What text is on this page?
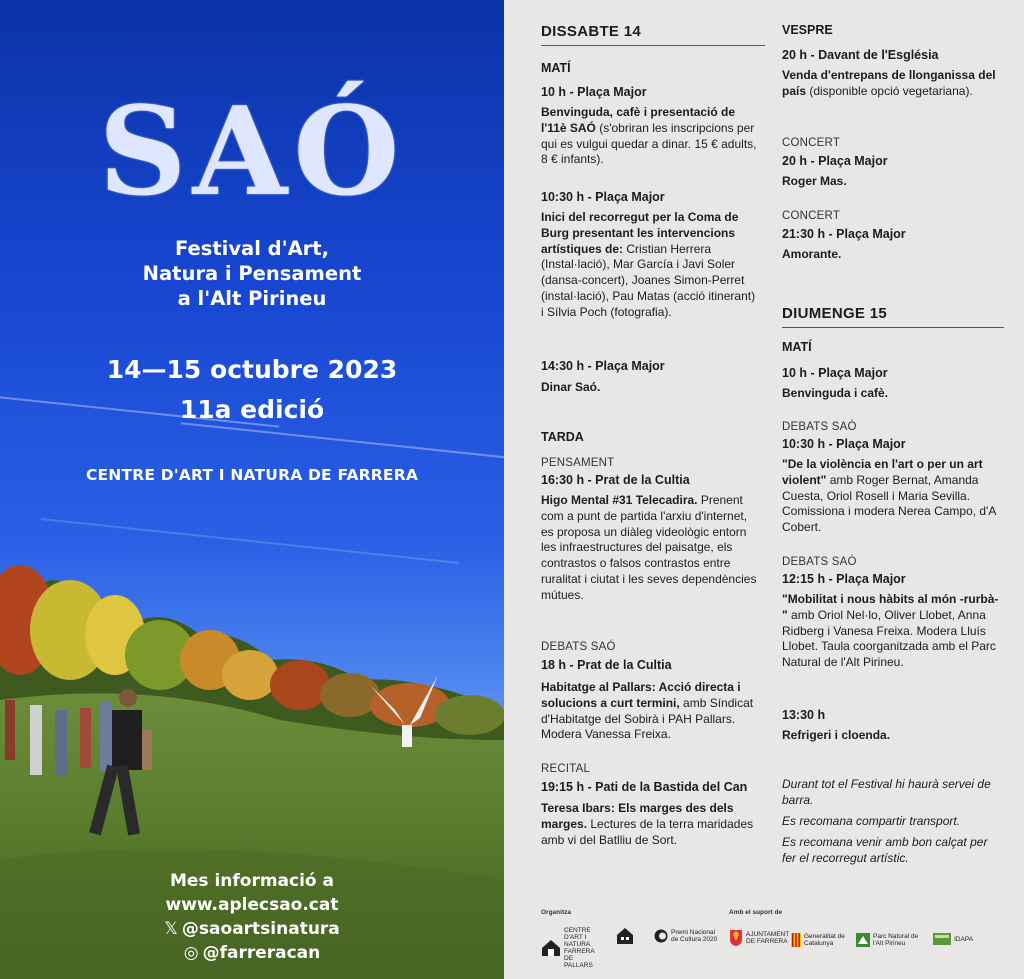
SAÓ
Festival d'Art,
Natura i Pensament
a l'Alt Pirineu
14—15 octubre 2023
11a edició
CENTRE D'ART I NATURA DE FARRERA
Mes informació a
www.aplecsao.cat
𝕏 @saoartsinatura
◎ @farreracan
DISSABTE 14
MATÍ
10 h - Plaça Major
Benvinguda, cafè i presentació de l'11è SAÓ (s'obriran les inscripcions per qui es vulgui quedar a dinar. 15 € adults, 8 € infants).
10:30 h - Plaça Major
Inici del recorregut per la Coma de Burg presentant les intervencions artístiques de: Cristian Herrera (Instal·lació), Mar García i Javi Soler (dansa-concert), Joanes Simon-Perret (instal·lació), Pau Matas (acció itinerant) i Sílvia Poch (fotografia).
14:30 h - Plaça Major
Dinar Saó.
TARDA
PENSAMENT
16:30 h - Prat de la Cultia
Higo Mental #31 Telecadira. Prenent com a punt de partida l'arxiu d'internet, es proposa un diàleg videològic entorn les infraestructures del paisatge, els contrastos o falsos contrastos entre ruralitat i ciutat i les seves dependències mútues.
DEBATS SAÓ
18 h - Prat de la Cultia
Habitatge al Pallars: Acció directa i solucions a curt termini, amb Síndicat d'Habitatge del Sobirà i PAH Pallars. Modera Vanessa Freixa.
RECITAL
19:15 h - Pati de la Bastida del Can
Teresa Ibars: Els marges des dels marges. Lectures de la terra maridades amb vi del Batlliu de Sort.
VESPRE
20 h - Davant de l'Església
Venda d'entrepans de llonganissa del país (disponible opció vegetariana).
CONCERT
20 h - Plaça Major
Roger Mas.
CONCERT
21:30 h - Plaça Major
Amorante.
DIUMENGE 15
MATÍ
10 h - Plaça Major
Benvinguda i cafè.
DEBATS SAÓ
10:30 h - Plaça Major
"De la violència en l'art o per un art violent" amb Roger Bernat, Amanda Cuesta, Oriol Rosell i Maria Sevilla. Comissiona i modera Nerea Campo, d'A Cobert.
DEBATS SAÓ
12:15 h - Plaça Major
"Mobilitat i nous hàbits al món -rurbà-" amb Oriol Nel·lo, Oliver Llobet, Anna Ridberg i Vanesa Freixa. Modera Lluís Llobet. Taula coorganitzada amb el Parc Natural de l'Alt Pirineu.
13:30 h
Refrigeri i cloenda.
Durant tot el Festival hi haurà servei de barra.
Es recomana compartir transport.
Es recomana venir amb bon calçat per fer el recorregut artístic.
Organitza	Amb el suport de
CENTRE D'ART I NATURA
FARRERA DE PALLARS
Premi Nacional de Cultura 2020
AJUNTAMENT DE FARRERA
Generalitat de Catalunya
Parc Natural de l'Alt Pirineu
IDAPA
